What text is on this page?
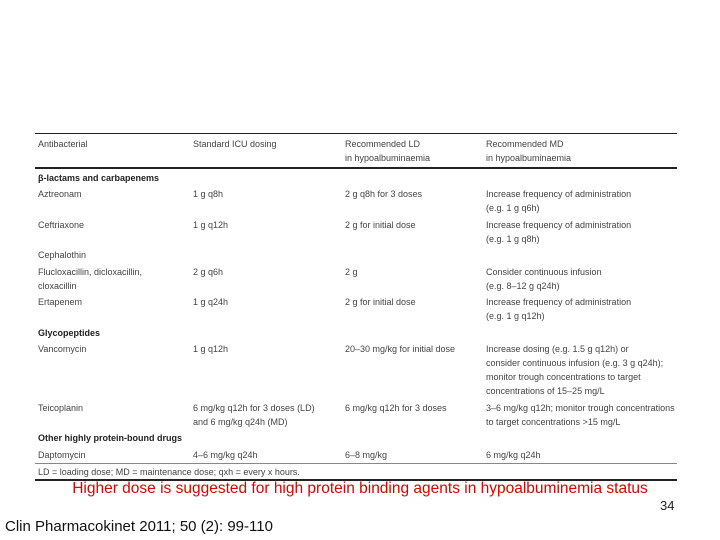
Antibacterial	Standard ICU dosing	Recommended LD
in hypoalbuminaemia
Recommended MD
in hypoalbuminaemia
β-lactams and carbapenems
Aztreonam	1 g q8h	2 g q8h for 3 doses	Increase frequency of administration
(e.g. 1 g q6h)
Ceftriaxone	1 g q12h	2 g for initial dose	Increase frequency of administration
(e.g. 1 g q8h)
Cephalothin
Flucloxacillin, dicloxacillin,
cloxacillin
2 g q6h	2 g	Consider continuous infusion
(e.g. 8–12 g q24h)
Ertapenem	1 g q24h	2 g for initial dose	Increase frequency of administration
(e.g. 1 g q12h)
Glycopeptides
Vancomycin	1 g q12h	20–30 mg/kg for initial dose	Increase dosing (e.g. 1.5 g q12h) or
consider continuous infusion (e.g. 3 g q24h);
monitor trough concentrations to target
concentrations of 15–25 mg/L
Teicoplanin	6 mg/kg q12h for 3 doses (LD)
and 6 mg/kg q24h (MD)
6 mg/kg q12h for 3 doses	3–6 mg/kg q12h; monitor trough concentrations
to target concentrations >15 mg/L
Other highly protein-bound drugs
Daptomycin	4–6 mg/kg q24h	6–8 mg/kg	6 mg/kg q24h
LD = loading dose; MD = maintenance dose; qxh = every x hours.
Higher dose is suggested for high protein binding agents in hypoalbuminemia status
34
Clin Pharmacokinet 2011; 50 (2): 99-110
